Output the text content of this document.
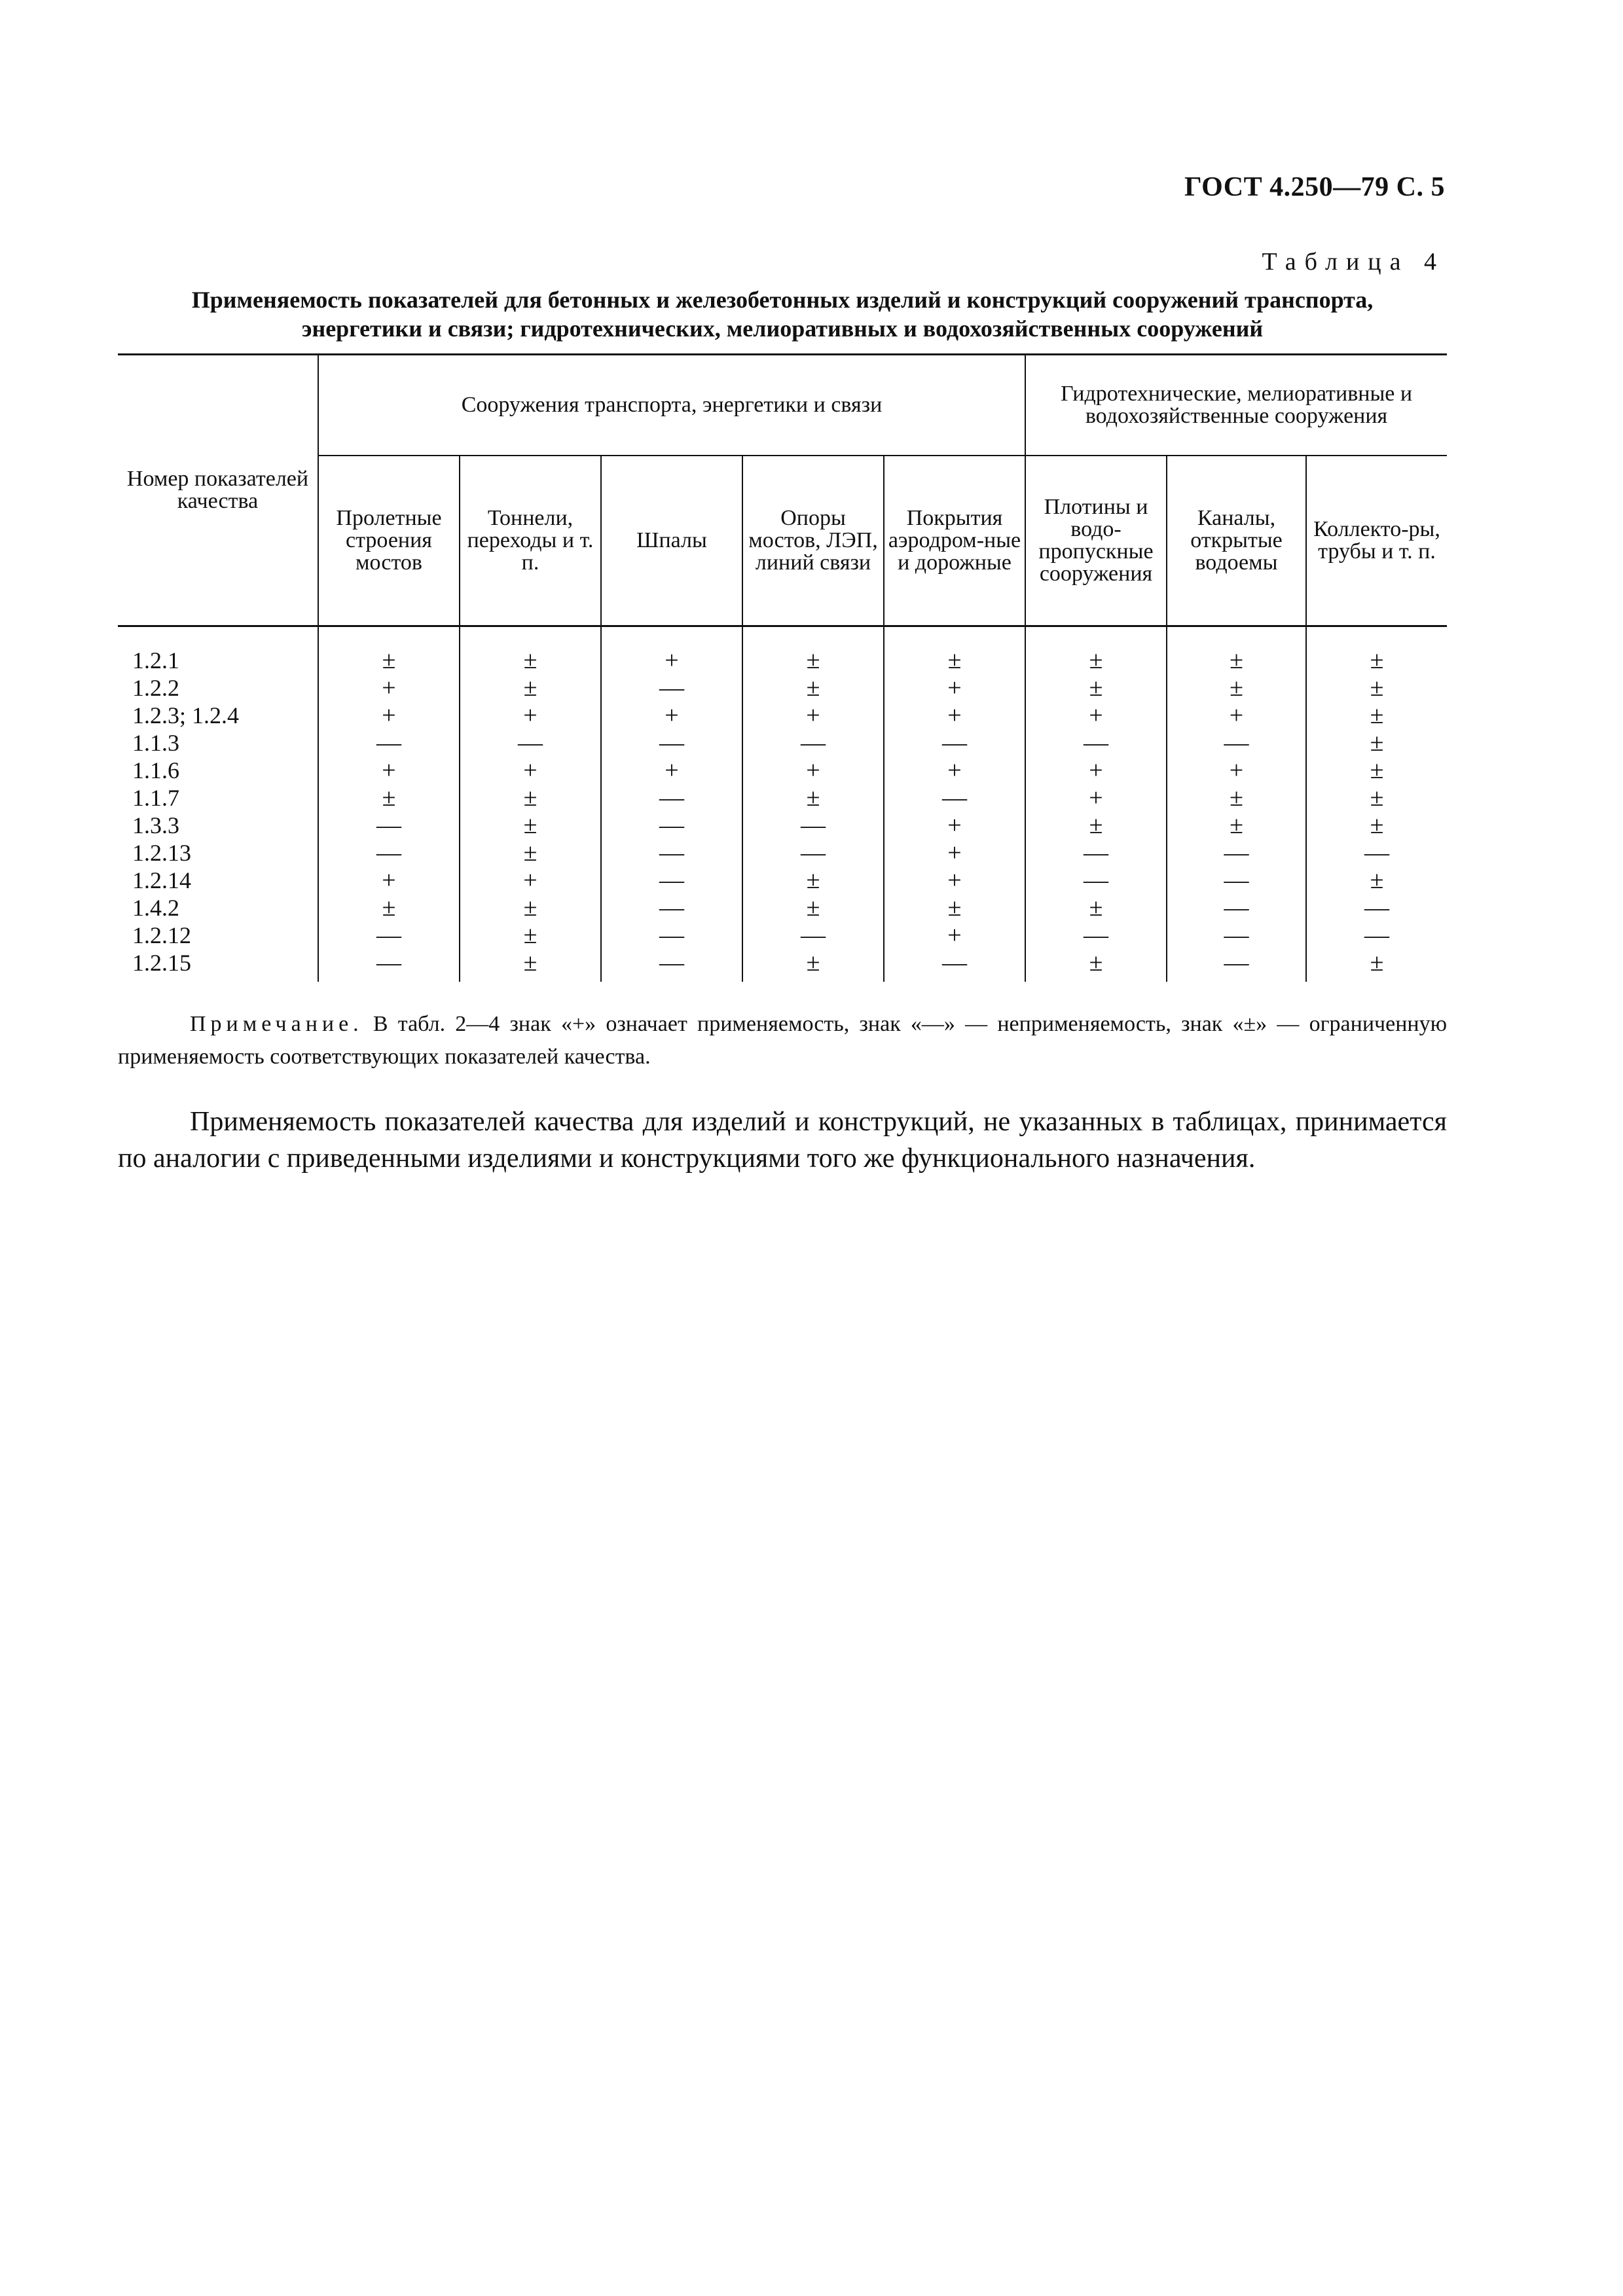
ГОСТ 4.250—79 С. 5
Таблица 4
Применяемость показателей для бетонных и железобетонных изделий и конструкций сооружений транспорта,
энергетики и связи; гидротехнических, мелиоративных и водохозяйственных сооружений
Номер показателей качества	Сооружения транспорта, энергетики и связи					Гидротехнические, мелиоративные и водохозяйственные сооружения		
	Пролетные строения мостов	Тоннели, переходы и т. п.	Шпалы	Опоры мостов, ЛЭП, линий связи	Покрытия аэродром-ные и дорожные	Плотины и водо-пропускные сооружения	Каналы, открытые водоемы	Коллекто-ры, трубы и т. п.
1.2.1	±	±	+	±	±	±	±	±
1.2.2	+	±	—	±	+	±	±	±
1.2.3; 1.2.4	+	+	+	+	+	+	+	±
1.1.3	—	—	—	—	—	—	—	±
1.1.6	+	+	+	+	+	+	+	±
1.1.7	±	±	—	±	—	+	±	±
1.3.3	—	±	—	—	+	±	±	±
1.2.13	—	±	—	—	+	—	—	—
1.2.14	+	+	—	±	+	—	—	±
1.4.2	±	±	—	±	±	±	—	—
1.2.12	—	±	—	—	+	—	—	—
1.2.15	—	±	—	±	—	±	—	±
Примечание. В табл. 2—4 знак «+» означает применяемость, знак «—» — неприменяемость, знак «±» — ограниченную применяемость соответствующих показателей качества.
Применяемость показателей качества для изделий и конструкций, не указанных в таблицах, принимается по аналогии с приведенными изделиями и конструкциями того же функционального назначения.
